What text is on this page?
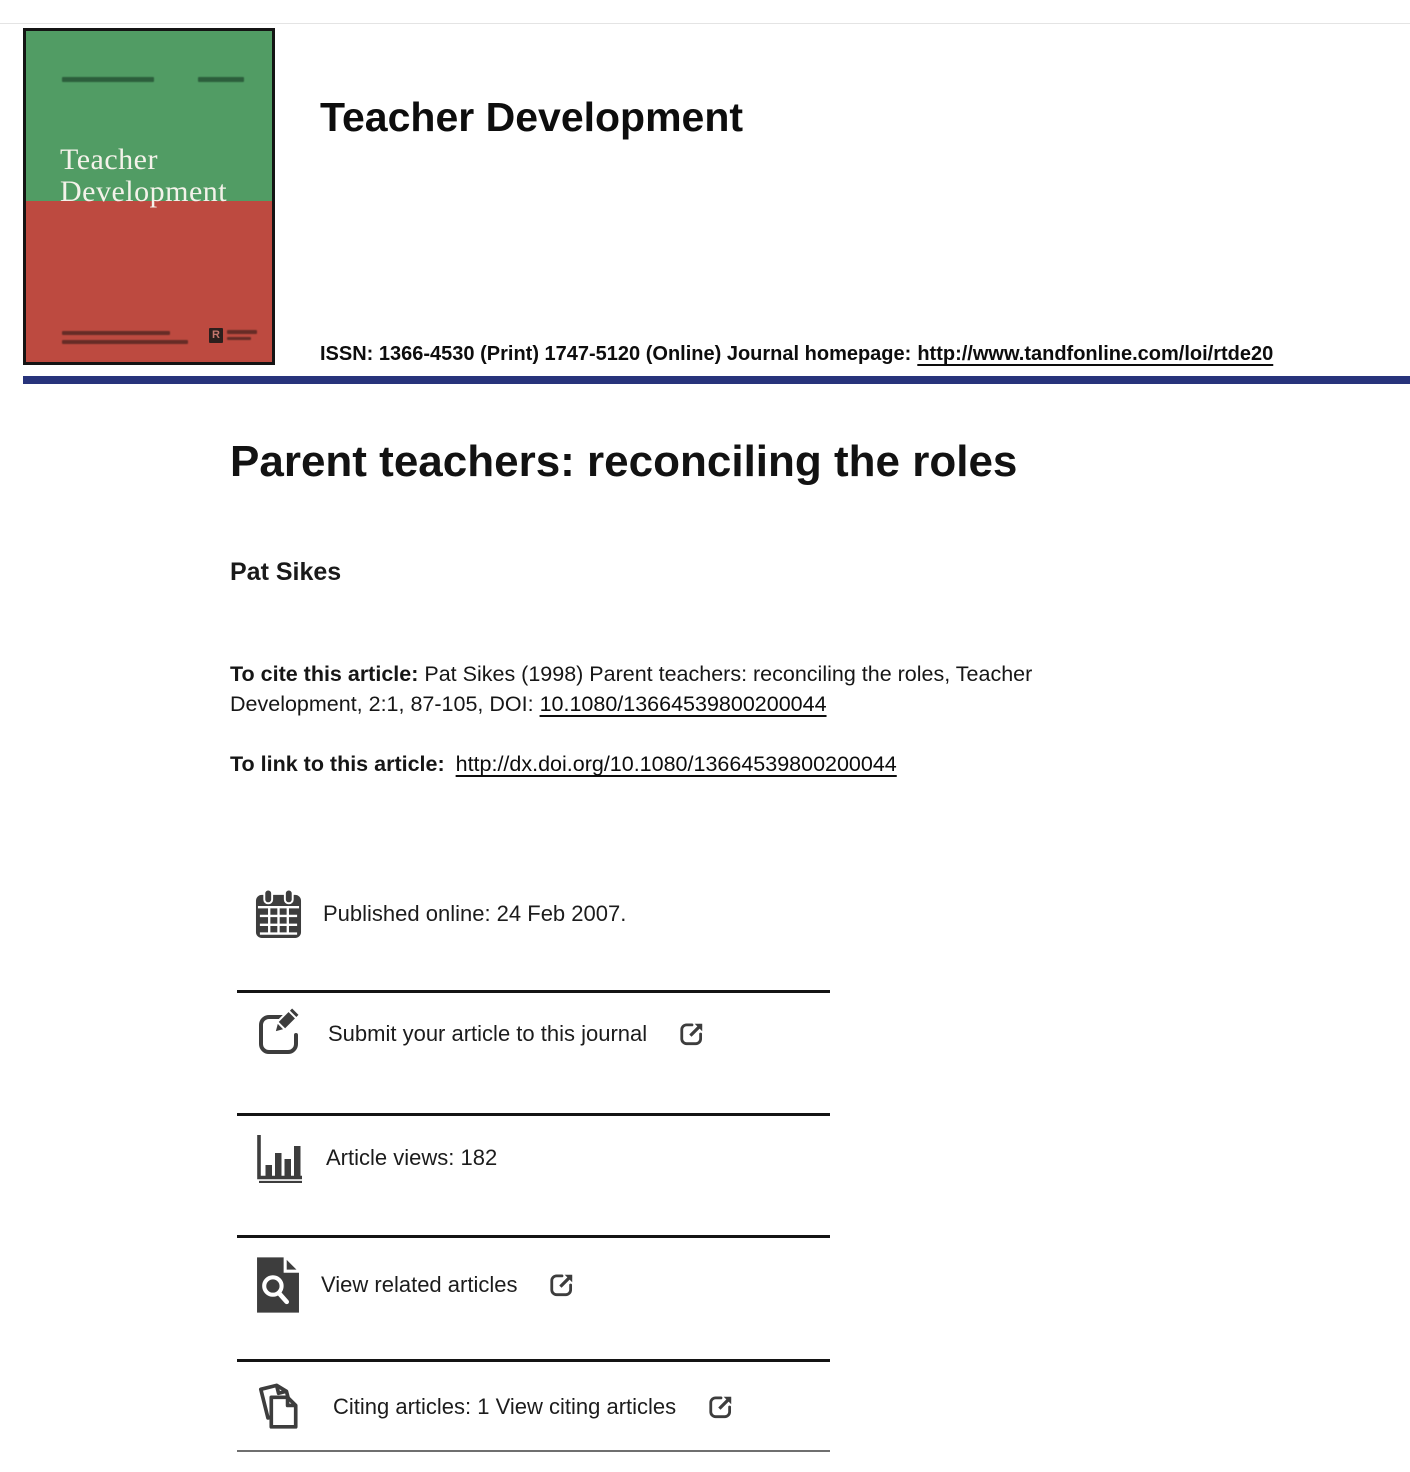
Teacher
Development
R
Teacher Development
ISSN: 1366-4530 (Print) 1747-5120 (Online) Journal homepage: http://www.tandfonline.com/loi/rtde20
Parent teachers: reconciling the roles
Pat Sikes
To cite this article: Pat Sikes (1998) Parent teachers: reconciling the roles, Teacher
Development, 2:1, 87-105, DOI: 10.1080/13664539800200044
To link to this article: http://dx.doi.org/10.1080/13664539800200044
Published online: 24 Feb 2007.
Submit your article to this journal
Article views: 182
View related articles
Citing articles: 1 View citing articles
